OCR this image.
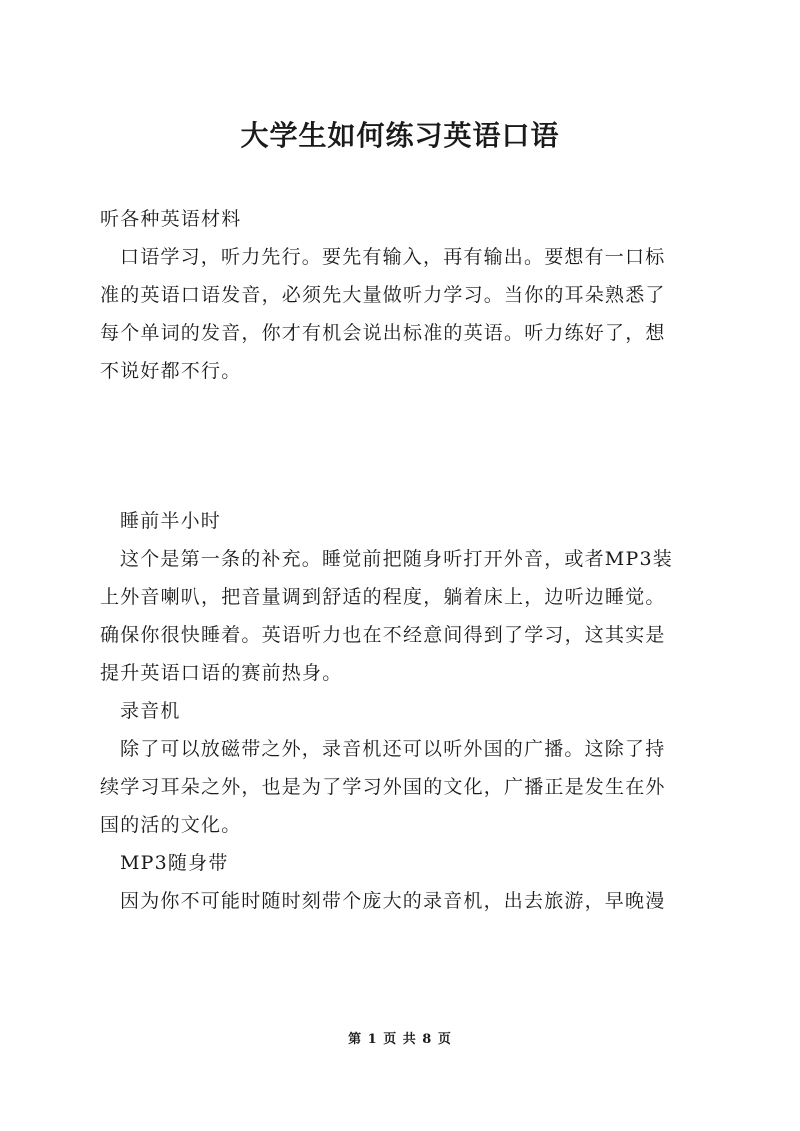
大学生如何练习英语口语

听各种英语材料

口语学习，听力先行。要先有输入，再有输出。要想有一口标

准的英语口语发音，必须先大量做听力学习。当你的耳朵熟悉了

每个单词的发音，你才有机会说出标准的英语。听力练好了，想

不说好都不行。

睡前半小时

这个是第一条的补充。睡觉前把随身听打开外音，或者MP3装

上外音喇叭，把音量调到舒适的程度，躺着床上，边听边睡觉。

确保你很快睡着。英语听力也在不经意间得到了学习，这其实是

提升英语口语的赛前热身。

录音机

除了可以放磁带之外，录音机还可以听外国的广播。这除了持

续学习耳朵之外，也是为了学习外国的文化，广播正是发生在外

国的活的文化。

MP3随身带

因为你不可能时随时刻带个庞大的录音机，出去旅游，早晚漫

第 1 页 共 8 页
